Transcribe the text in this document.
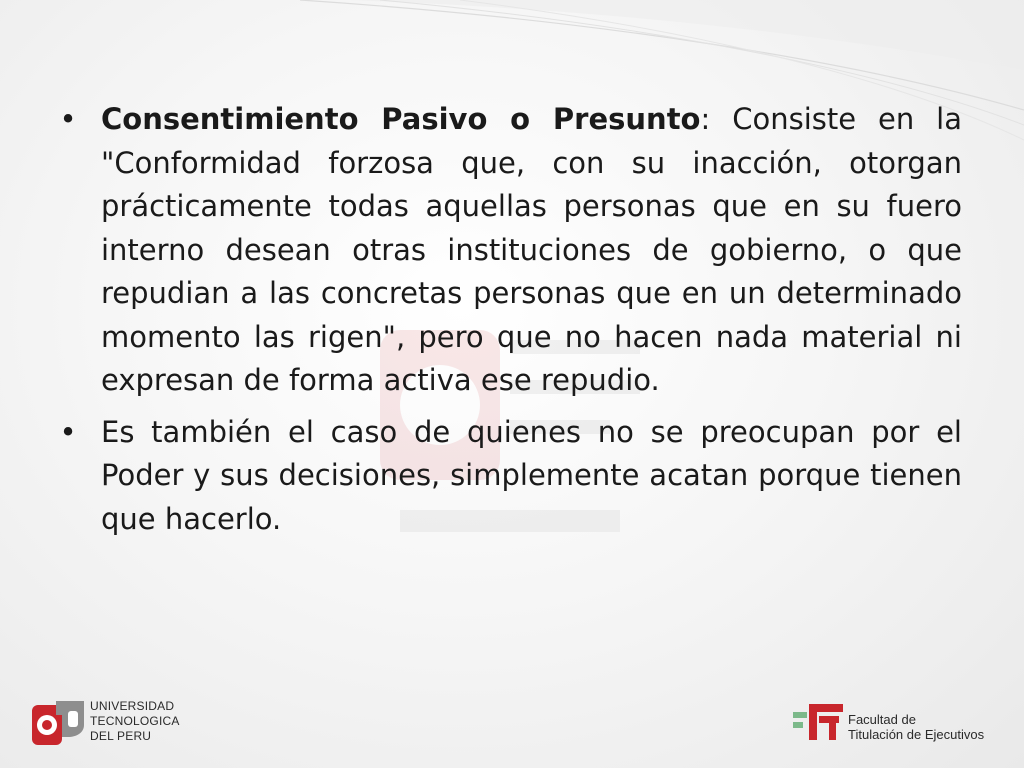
• Consentimiento Pasivo o Presunto: Consiste en la "Conformidad forzosa que, con su inacción, otorgan prácticamente todas aquellas personas que en su fuero interno desean otras instituciones de gobierno, o que repudian a las concretas personas que en un determinado momento las rigen", pero que no hacen nada material ni expresan de forma activa ese repudio.

• Es también el caso de quienes no se preocupan por el Poder y sus decisiones, simplemente acatan porque tienen que hacerlo.

UNIVERSIDAD
TECNOLOGICA
DEL PERU
Facultad de
Titulación de Ejecutivos
